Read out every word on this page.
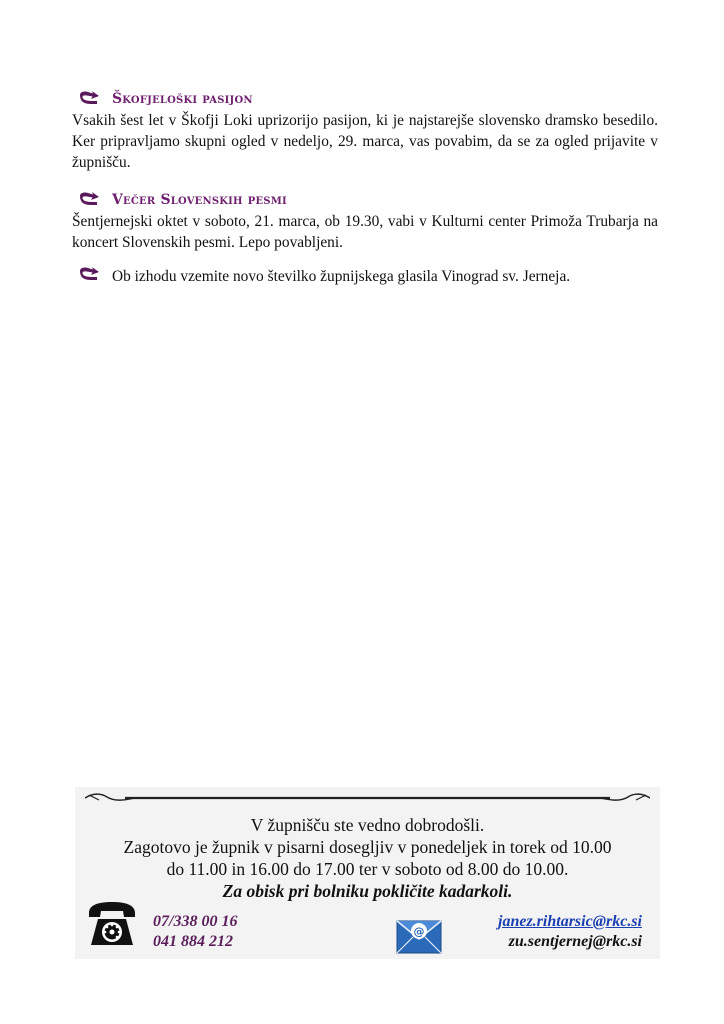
Škofjeloški pasijon
Vsakih šest let v Škofji Loki uprizorijo pasijon, ki je najstarejše slovensko dramsko besedilo. Ker pripravljamo skupni ogled v nedeljo, 29. marca, vas povabim, da se za ogled prijavite v župnišču.
Večer Slovenskih pesmi
Šentjernejski oktet v soboto, 21. marca, ob 19.30, vabi v Kulturni center Primoža Trubarja na koncert Slovenskih pesmi. Lepo povabljeni.
Ob izhodu vzemite novo številko župnijskega glasila Vinograd sv. Jerneja.
V župnišču ste vedno dobrodošli.
Zagotovo je župnik v pisarni dosegljiv v ponedeljek in torek od 10.00
do 11.00 in 16.00 do 17.00 ter v soboto od 8.00 do 10.00.
Za obisk pri bolniku pokličite kadarkoli.
07/338 00 16
041 884 212
@
janez.rihtarsic@rkc.si
zu.sentjernej@rkc.si
